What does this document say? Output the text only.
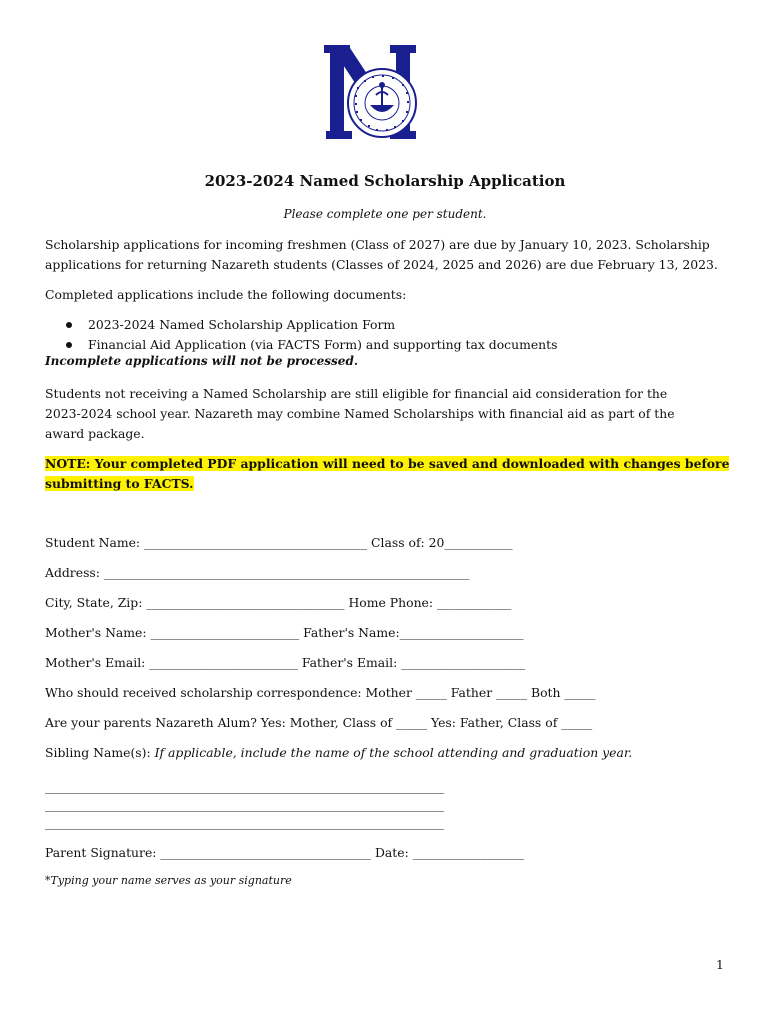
2023-2024 Named Scholarship Application
Please complete one per student.
Scholarship applications for incoming freshmen (Class of 2027) are due by January 10, 2023. Scholarship
applications for returning Nazareth students (Classes of 2024, 2025 and 2026) are due February 13, 2023.
Completed applications include the following documents:
2023-2024 Named Scholarship Application Form
Financial Aid Application (via FACTS Form) and supporting tax documents
Incomplete applications will not be processed.
Students not receiving a Named Scholarship are still eligible for financial aid consideration for the
2023-2024 school year. Nazareth may combine Named Scholarships with financial aid as part of the
award package.
NOTE: Your completed PDF application will need to be saved and downloaded with changes before
submitting to FACTS.
Student Name: ____________________________________ Class of: 20___________
Address: ___________________________________________________________
City, State, Zip: ________________________________ Home Phone: ____________
Mother's Name: ________________________ Father's Name:____________________
Mother's Email: ________________________ Father's Email: ____________________
Who should received scholarship correspondence: Mother _____ Father _____ Both _____
Are your parents Nazareth Alum? Yes: Mother, Class of _____ Yes: Father, Class of _____
Sibling Name(s): If applicable, include the name of the school attending and graduation year.
______________________________________________________________________
______________________________________________________________________
______________________________________________________________________
Parent Signature: __________________________________ Date: __________________
*Typing your name serves as your signature
1
